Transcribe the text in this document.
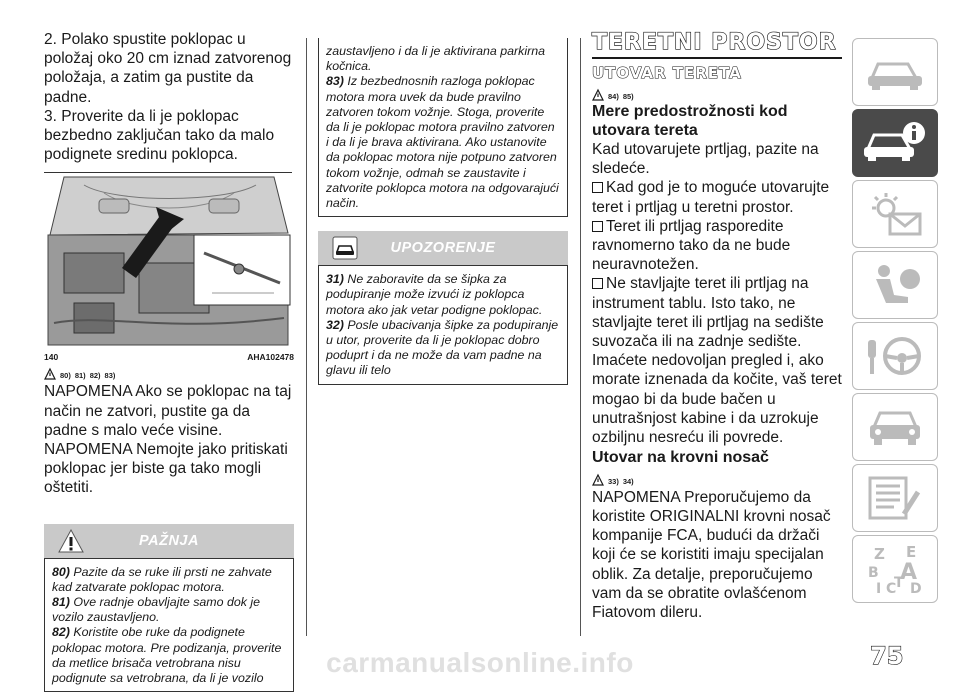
2. Polako spustite poklopac u položaj oko 20 cm iznad zatvorenog položaja, a zatim ga pustite da padne.
3. Proverite da li je poklopac bezbedno zaključan tako da malo podignete sredinu poklopca.
140	AHA102478
80) 81) 82) 83)
NAPOMENA Ako se poklopac na taj način ne zatvori, pustite ga da padne s malo veće visine.
NAPOMENA Nemojte jako pritiskati poklopac jer biste ga tako mogli oštetiti.
PAŽNJA
80) Pazite da se ruke ili prsti ne zahvate kad zatvarate poklopac motora.
81) Ove radnje obavljajte samo dok je vozilo zaustavljeno.
82) Koristite obe ruke da podignete poklopac motora. Pre podizanja, proverite da metlice brisača vetrobrana nisu podignute sa vetrobrana, da li je vozilo
zaustavljeno i da li je aktivirana parkirna kočnica.
83) Iz bezbednosnih razloga poklopac motora mora uvek da bude pravilno zatvoren tokom vožnje. Stoga, proverite da li je poklopac motora pravilno zatvoren i da li je brava aktivirana. Ako ustanovite da poklopac motora nije potpuno zatvoren tokom vožnje, odmah se zaustavite i zatvorite poklopca motora na odgovarajući način.
UPOZORENJE
31) Ne zaboravite da se šipka za podupiranje može izvući iz poklopca motora ako jak vetar podigne poklopac.
32) Posle ubacivanja šipke za podupiranje u utor, proverite da li je poklopac dobro poduprt i da ne može da vam padne na glavu ili telo
TERETNI PROSTOR
UTOVAR TERETA
84) 85)
Mere predostrožnosti kod utovara tereta
Kad utovarujete prtljag, pazite na sledeće.
Kad god je to moguće utovarujte teret i prtljag u teretni prostor.
Teret ili prtljag rasporedite ravnomerno tako da ne bude neuravnotežen.
Ne stavljajte teret ili prtljag na instrument tablu. Isto tako, ne stavljajte teret ili prtljag na sedište suvozača ili na zadnje sedište. Imaćete nedovoljan pregled i, ako morate iznenada da kočite, vaš teret mogao bi da bude bačen u unutrašnjost kabine i da uzrokuje ozbiljnu nesreću ili povrede.
Utovar na krovni nosač
33) 34)
NAPOMENA Preporučujemo da koristite ORIGINALNI krovni nosač kompanije FCA, budući da držači koji će se koristiti imaju specijalan oblik. Za detalje, preporučujemo vam da se obratite ovlašćenom Fiatovom dileru.
Z E
B A
I C
T D
75
carmanualsonline.info
